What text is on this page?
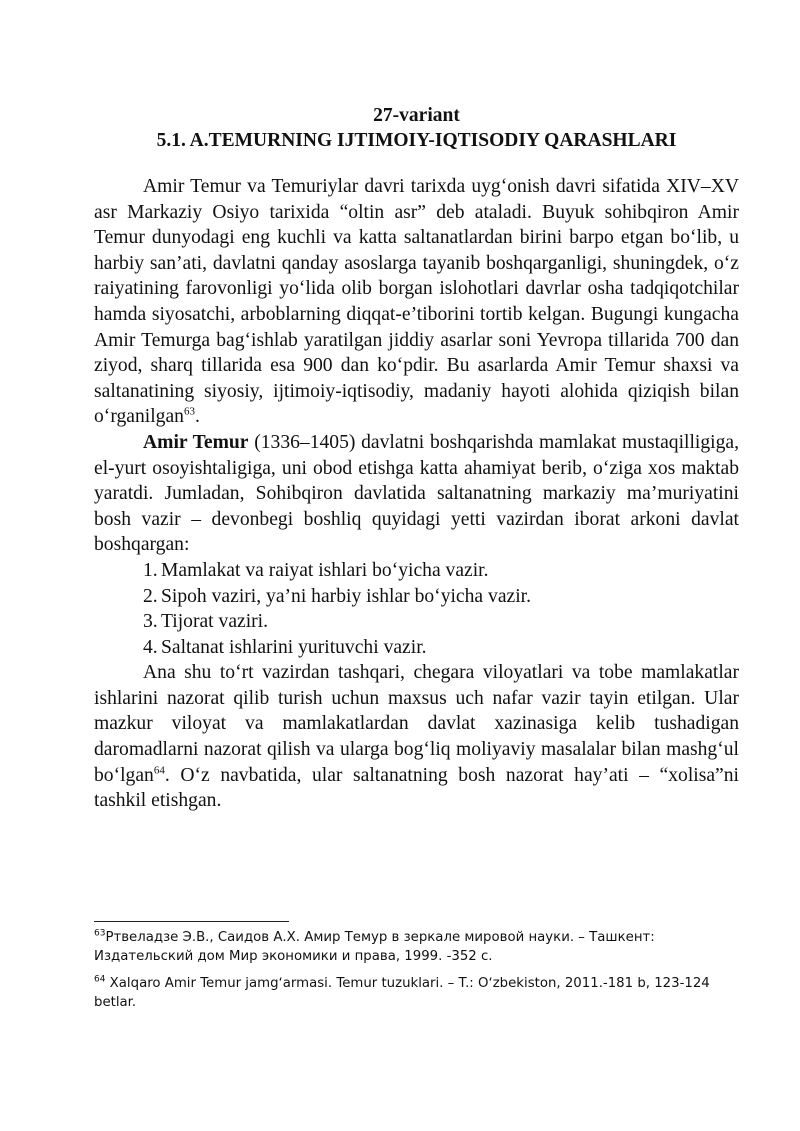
27-variant

5.1. A.TEMURNING IJTIMOIY-IQTISODIY QARASHLARI

Amir Temur va Temuriylar davri tarixda uygʻonish davri sifatida XIV–XV asr Markaziy Osiyo tarixida “oltin asr” deb ataladi. Buyuk sohibqiron Amir Temur dunyodagi eng kuchli va katta saltanatlardan birini barpo etgan boʻlib, u harbiy san’ati, davlatni qanday asoslarga tayanib boshqarganligi, shuningdek, oʻz raiyatining farovonligi yoʻlida olib borgan islohotlari davrlar osha tadqiqotchilar hamda siyosatchi, arboblarning diqqat-e’tiborini tortib kelgan. Bugungi kungacha Amir Temurga bagʻishlab yaratilgan jiddiy asarlar soni Yevropa tillarida 700 dan ziyod, sharq tillarida esa 900 dan koʻpdir. Bu asarlarda Amir Temur shaxsi va saltanatining siyosiy, ijtimoiy-iqtisodiy, madaniy hayoti alohida qiziqish bilan oʻrganilgan$^{63}$.

Amir Temur (1336–1405) davlatni boshqarishda mamlakat mustaqilligiga, el-yurt osoyishtaligiga, uni obod etishga katta ahamiyat berib, oʻziga xos maktab yaratdi. Jumladan, Sohibqiron davlatida saltanatning markaziy ma’muriyatini bosh vazir – devonbegi boshliq quyidagi yetti vazirdan iborat arkoni davlat boshqargan:

1. Mamlakat va raiyat ishlari boʻyicha vazir.
2. Sipoh vaziri, ya’ni harbiy ishlar boʻyicha vazir.
3. Tijorat vaziri.
4. Saltanat ishlarini yurituvchi vazir.

Ana shu toʻrt vazirdan tashqari, chegara viloyatlari va tobe mamlakatlar ishlarini nazorat qilib turish uchun maxsus uch nafar vazir tayin etilgan. Ular mazkur viloyat va mamlakatlardan davlat xazinasiga kelib tushadigan daromadlarni nazorat qilish va ularga bogʻliq moliyaviy masalalar bilan mashgʻul boʻlgan$^{64}$. Oʻz navbatida, ular saltanatning bosh nazorat hay’ati – “xolisa”ni tashkil etishgan.

$^{63}$Ртвеладзе Э.В., Саидов А.Х. Амир Темур в зеркале мировой науки. – Ташкент: Издательский дом Мир экономики и права, 1999. -352 с.

$^{64}$ Xalqaro Amir Temur jamgʻarmasi. Temur tuzuklari. – T.: Oʻzbekiston, 2011.-181 b, 123-124 betlar.
